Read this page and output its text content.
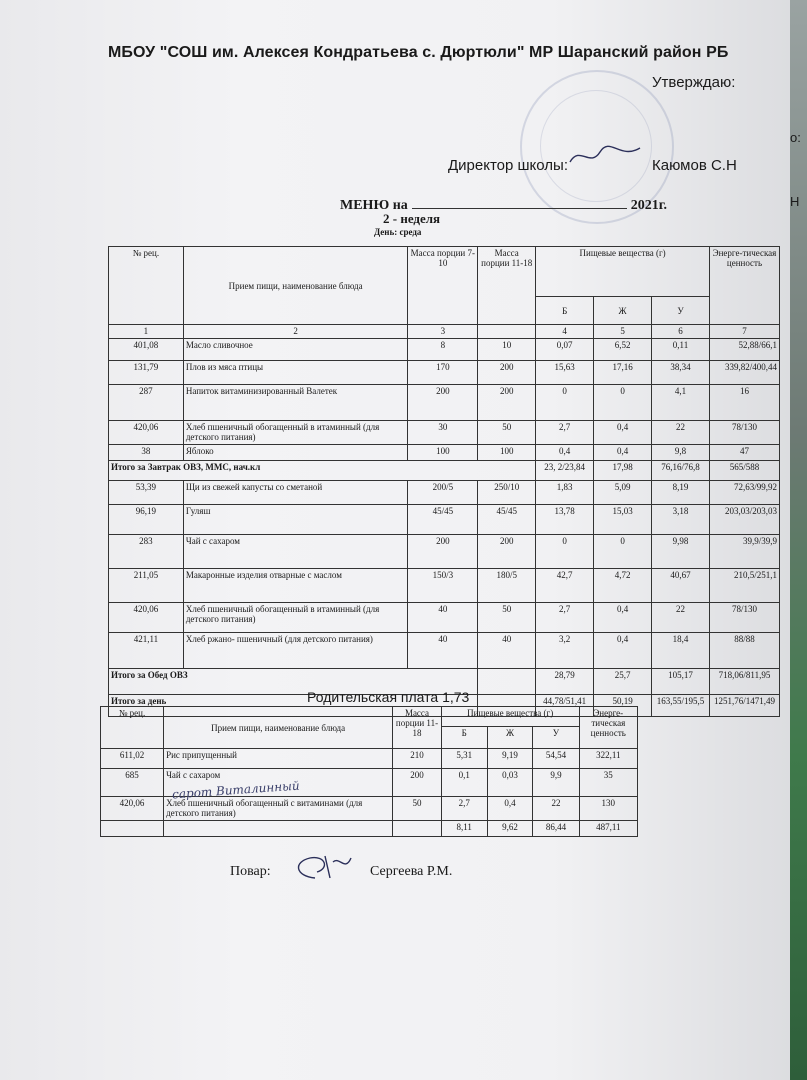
МБОУ "СОШ им. Алексея Кондратьева с. Дюртюли" МР Шаранский район РБ
Утверждаю:
Директор школы:	Каюмов С.Н
о:
Н
МЕНЮ на	2021г.
2 - неделя
День: среда
№ рец.	Прием пищи, наименование блюда	Масса порции 7-10	Масса порции 11-18	Пищевые вещества (г)			Энерге-тическая ценность
				Б	Ж	У	
1	2	3		4	5	6	7
401,08	Масло сливочное	8	10	0,07	6,52	0,11	52,88/66,1
131,79	Плов из мяса птицы	170	200	15,63	17,16	38,34	339,82/400,44
287	Напиток витаминизированный Валетек	200	200	0	0	4,1	16
420,06	Хлеб пшеничный обогащенный в итаминный (для детского питания)	30	50	2,7	0,4	22	78/130
38	Яблоко	100	100	0,4	0,4	9,8	47
Итого за Завтрак ОВЗ, ММС, нач.кл				23, 2/23,84	17,98	76,16/76,8	565/588
53,39	Щи из свежей капусты со сметаной	200/5	250/10	1,83	5,09	8,19	72,63/99,92
96,19	Гуляш	45/45	45/45	13,78	15,03	3,18	203,03/203,03
283	Чай с сахаром	200	200	0	0	9,98	39,9/39,9
211,05	Макаронные изделия отварные с маслом	150/3	180/5	42,7	4,72	40,67	210,5/251,1
420,06	Хлеб пшеничный обогащенный в итаминный (для детского питания)	40	50	2,7	0,4	22	78/130
421,11	Хлеб ржано- пшеничный (для детского питания)	40	40	3,2	0,4	18,4	88/88
Итого за Обед ОВЗ				28,79	25,7	105,17	718,06/811,95
Итого за день				44,78/51,41	50,19	163,55/195,5	1251,76/1471,49
Родительская плата 1,73
№ рец.	Прием пищи, наименование блюда	Масса порции 11-18	Пищевые вещества (г)			Энерге-тическая ценность
			Б	Ж	У	
611,02	Рис припущенный	210	5,31	9,19	54,54	322,11
685	Чай с сахаром	200	0,1	0,03	9,9	35
420,06	Хлеб пшеничный обогащенный с витаминами (для детского питания)	50	2,7	0,4	22	130
			8,11	9,62	86,44	487,11
сарот Виталинный
Повар:	Сергеева Р.М.
